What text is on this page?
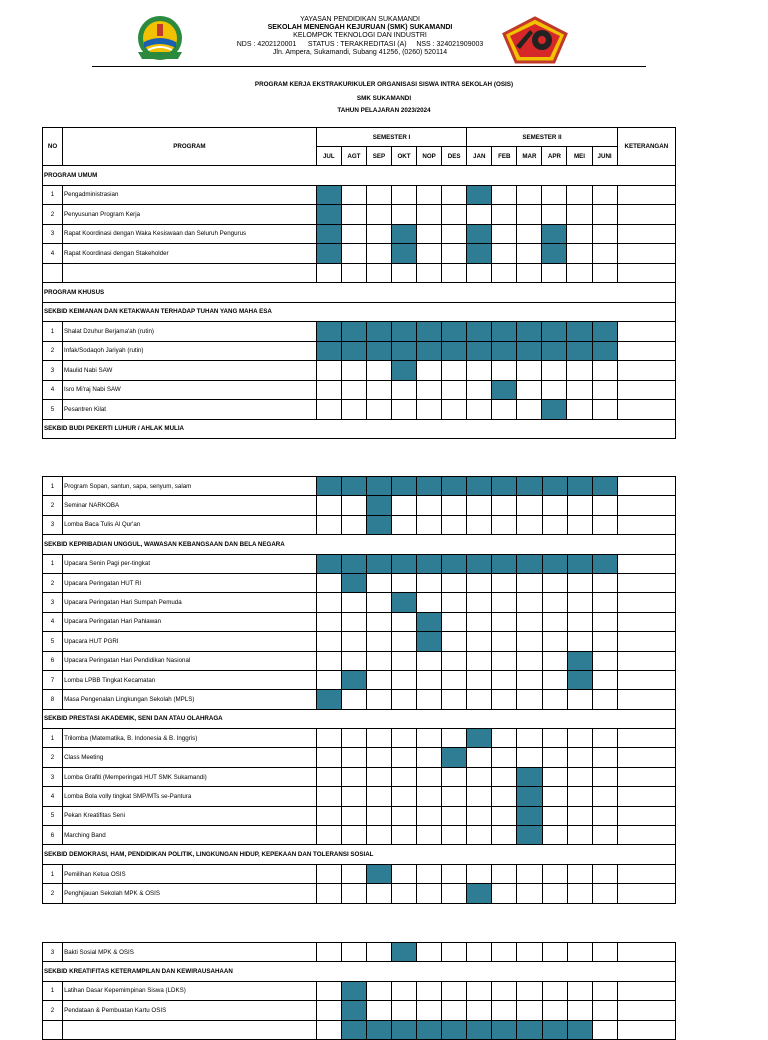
YAYASAN PENDIDIKAN SUKAMANDI
SEKOLAH MENENGAH KEJURUAN (SMK) SUKAMANDI
KELOMPOK TEKNOLOGI DAN INDUSTRI
NDS : 4202120001      STATUS : TERAKREDITASI (A)     NSS : 324021909003
Jln. Ampera, Sukamandi, Subang 41256, (0260) 520114
PROGRAM KERJA EKSTRAKURIKULER ORGANISASI SISWA INTRA SEKOLAH (OSIS)
SMK SUKAMANDI
TAHUN PELAJARAN 2023/2024
NO	PROGRAM	SEMESTER I						SEMESTER II						KETERANGAN
		JUL	AGT	SEP	OKT	NOP	DES	JAN	FEB	MAR	APR	MEI	JUNI	
PROGRAM UMUM														
1	Pengadministrasian													
2	Penyusunan Program Kerja													
3	Rapat Koordinasi dengan Waka Kesiswaan dan Seluruh Pengurus													
4	Rapat Koordinasi dengan Stakeholder													

PROGRAM KHUSUS														
SEKBID KEIMANAN DAN KETAKWAAN TERHADAP TUHAN YANG MAHA ESA														
1	Shalat Dzuhur Berjama'ah (rutin)													
2	Infak/Sodaqoh Jariyah (rutin)													
3	Maulid Nabi SAW													
4	Isro Mi'raj Nabi SAW													
5	Pesantren Kilat													
SEKBID BUDI PEKERTI LUHUR / AHLAK MULIA														
1	Program Sopan, santun, sapa, senyum, salam													
2	Seminar NARKOBA													
3	Lomba Baca Tulis Al Qur'an													
SEKBID KEPRIBADIAN UNGGUL, WAWASAN KEBANGSAAN DAN BELA NEGARA														
1	Upacara Senin Pagi per-tingkat													
2	Upacara Peringatan HUT RI													
3	Upacara Peringatan Hari Sumpah Pemuda													
4	Upacara Peringatan Hari Pahlawan													
5	Upacara HUT PGRI													
6	Upacara Peringatan Hari Pendidikan Nasional													
7	Lomba LPBB Tingkat Kecamatan													
8	Masa Pengenalan Lingkungan Sekolah (MPLS)													
SEKBID PRESTASI AKADEMIK, SENI DAN ATAU OLAHRAGA														
1	Trilomba (Matematika, B. Indonesia & B. Inggris)													
2	Class Meeting													
3	Lomba Grafiti (Memperingati HUT SMK Sukamandi)													
4	Lomba Bola volly tingkat SMP/MTs se-Pantura													
5	Pekan Kreatifitas Seni													
6	Marching Band													
SEKBID DEMOKRASI, HAM, PENDIDIKAN POLITIK, LINGKUNGAN HIDUP, KEPEKAAN DAN TOLERANSI SOSIAL														
1	Pemilihan Ketua OSIS													
2	Penghijauan Sekolah MPK & OSIS													
3	Bakti Sosial MPK & OSIS													
SEKBID KREATIFITAS KETERAMPILAN DAN KEWIRAUSAHAAN														
1	Latihan Dasar Kepemimpinan Siswa (LDKS)													
2	Pendataan & Pembuatan Kartu OSIS													
